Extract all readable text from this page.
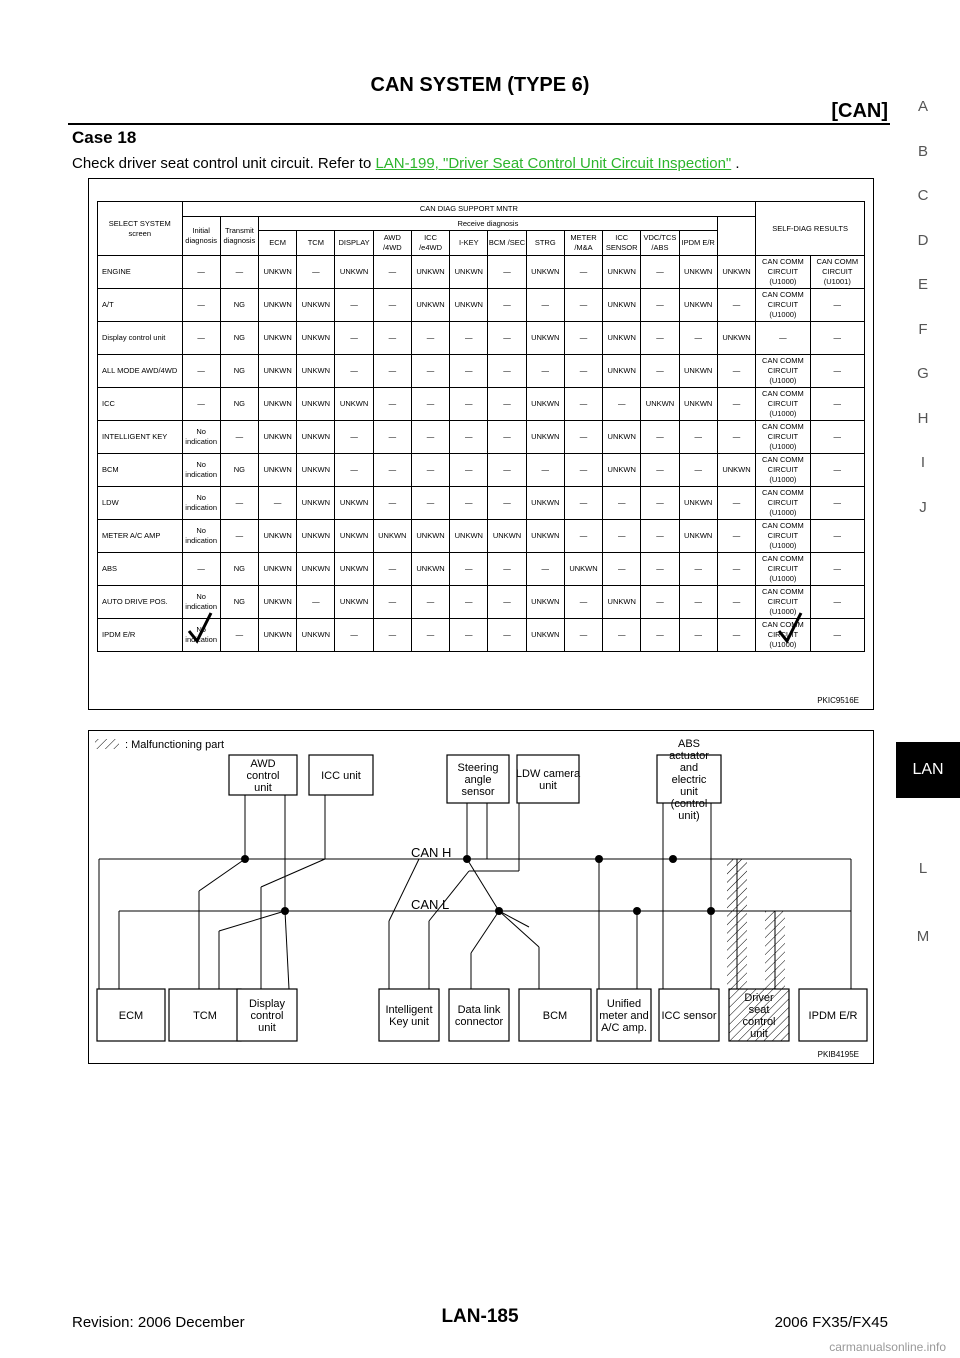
CAN SYSTEM (TYPE 6)
[CAN]
Case 18
Check driver seat control unit circuit. Refer to LAN-199, "Driver Seat Control Unit Circuit Inspection" .
A
B
C
D
E
F
G
H
I
J
LAN
L
M
SELECT SYSTEM screen	CAN DIAG SUPPORT MNTR															SELF-DIAG RESULTS	
	Initial diagnosis	Transmit diagnosis	Receive diagnosis														
			ECM	TCM	DISPLAY	AWD /4WD	ICC /e4WD	I-KEY	BCM /SEC	STRG	METER /M&A	ICC SENSOR	VDC/TCS /ABS	IPDM E/R			
ENGINE	—	—	UNKWN	—	UNKWN	—	UNKWN	UNKWN	—	UNKWN	—	UNKWN	—	UNKWN	UNKWN	CAN COMM CIRCUIT (U1000)	CAN COMM CIRCUIT (U1001)
A/T	—	NG	UNKWN	UNKWN	—	—	UNKWN	UNKWN	—	—	—	UNKWN	—	UNKWN	—	CAN COMM CIRCUIT (U1000)	—
Display control unit	—	NG	UNKWN	UNKWN	—	—	—	—	—	UNKWN	—	UNKWN	—	—	UNKWN	—	—
ALL MODE AWD/4WD	—	NG	UNKWN	UNKWN	—	—	—	—	—	—	—	UNKWN	—	UNKWN	—	CAN COMM CIRCUIT (U1000)	—
ICC	—	NG	UNKWN	UNKWN	UNKWN	—	—	—	—	UNKWN	—	—	UNKWN	UNKWN	—	CAN COMM CIRCUIT (U1000)	—
INTELLIGENT KEY	No indication	—	UNKWN	UNKWN	—	—	—	—	—	UNKWN	—	UNKWN	—	—	—	CAN COMM CIRCUIT (U1000)	—
BCM	No indication	NG	UNKWN	UNKWN	—	—	—	—	—	—	—	UNKWN	—	—	UNKWN	CAN COMM CIRCUIT (U1000)	—
LDW	No indication	—	—	UNKWN	UNKWN	—	—	—	—	UNKWN	—	—	—	UNKWN	—	CAN COMM CIRCUIT (U1000)	—
METER A/C AMP	No indication	—	UNKWN	UNKWN	UNKWN	UNKWN	UNKWN	UNKWN	UNKWN	UNKWN	—	—	—	UNKWN	—	CAN COMM CIRCUIT (U1000)	—
ABS	—	NG	UNKWN	UNKWN	UNKWN	—	UNKWN	—	—	—	UNKWN	—	—	—	—	CAN COMM CIRCUIT (U1000)	—
AUTO DRIVE POS.	No indication	NG	UNKWN	—	UNKWN	—	—	—	—	UNKWN	—	UNKWN	—	—	—	CAN COMM CIRCUIT (U1000)	—
IPDM E/R	No indication	—	UNKWN	UNKWN	—	—	—	—	—	UNKWN	—	—	—	—	—	CAN COMM CIRCUIT (U1000)	—
PKIC9516E
: Malfunctioning part
CAN H
CAN L
AWD control unit
ICC unit
Steering angle sensor
LDW camera unit
ABS actuator and electric unit (control unit)
ECM	TCM
Display control unit
Intelligent Key unit
Data link connector	BCM
Unified meter and A/C amp.
ICC sensor
Driver seat control unit
IPDM E/R
PKIB4195E
Revision: 2006 December	LAN-185	2006 FX35/FX45
carmanualsonline.info
